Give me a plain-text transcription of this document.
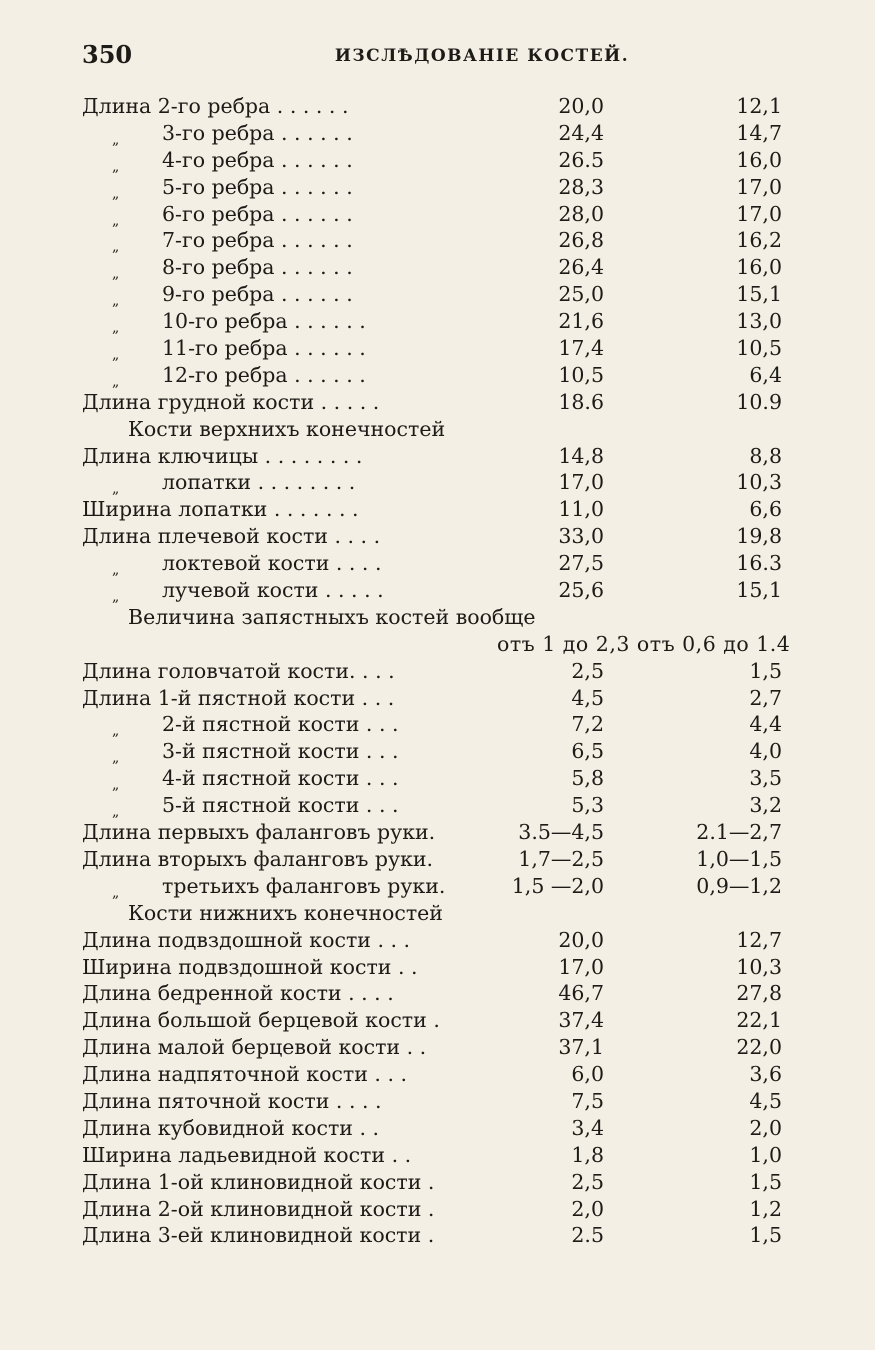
350	ИЗСЛѢДОВАНІЕ КОСТЕЙ.
Длина 2-го ребра . . . . . .	20,0	12,1
„ 3-го ребра . . . . . .	24,4	14,7
„ 4-го ребра . . . . . .	26.5	16,0
„ 5-го ребра . . . . . .	28,3	17,0
„ 6-го ребра . . . . . .	28,0	17,0
„ 7-го ребра . . . . . .	26,8	16,2
„ 8-го ребра . . . . . .	26,4	16,0
„ 9-го ребра . . . . . .	25,0	15,1
„ 10-го ребра . . . . . .	21,6	13,0
„ 11-го ребра . . . . . .	17,4	10,5
„ 12-го ребра . . . . . .	10,5	6,4
Длина грудной кости . . . . .	18.6	10.9
Кости верхнихъ конечностей
Длина ключицы . . . . . . . .	14,8	8,8
„ лопатки . . . . . . . .	17,0	10,3
Ширина лопатки . . . . . . .	11,0	6,6
Длина плечевой кости . . . .	33,0	19,8
„ локтевой кости . . . .	27,5	16.3
„ лучевой кости . . . . .	25,6	15,1
Величина запястныхъ костей вообще
отъ 1 до 2,3 отъ 0,6 до 1.4
Длина головчатой кости. . . .	2,5	1,5
Длина 1-й пястной кости . . .	4,5	2,7
„ 2-й пястной кости . . .	7,2	4,4
„ 3-й пястной кости . . .	6,5	4,0
„ 4-й пястной кости . . .	5,8	3,5
„ 5-й пястной кости . . .	5,3	3,2
Длина первыхъ фаланговъ руки.	3.5—4,5	2.1—2,7
Длина вторыхъ фаланговъ руки.	1,7—2,5	1,0—1,5
„ третьихъ фаланговъ руки.	1,5 —2,0	0,9—1,2
Кости нижнихъ конечностей
Длина подвздошной кости . . .	20,0	12,7
Ширина подвздошной кости . .	17,0	10,3
Длина бедренной кости . . . .	46,7	27,8
Длина большой берцевой кости .	37,4	22,1
Длина малой берцевой кости . .	37,1	22,0
Длина надпяточной кости . . .	6,0	3,6
Длина пяточной кости . . . .	7,5	4,5
Длина кубовидной кости . .	3,4	2,0
Ширина ладьевидной кости . .	1,8	1,0
Длина 1-ой клиновидной кости .	2,5	1,5
Длина 2-ой клиновидной кости .	2,0	1,2
Длина 3-ей клиновидной кости .	2.5	1,5
